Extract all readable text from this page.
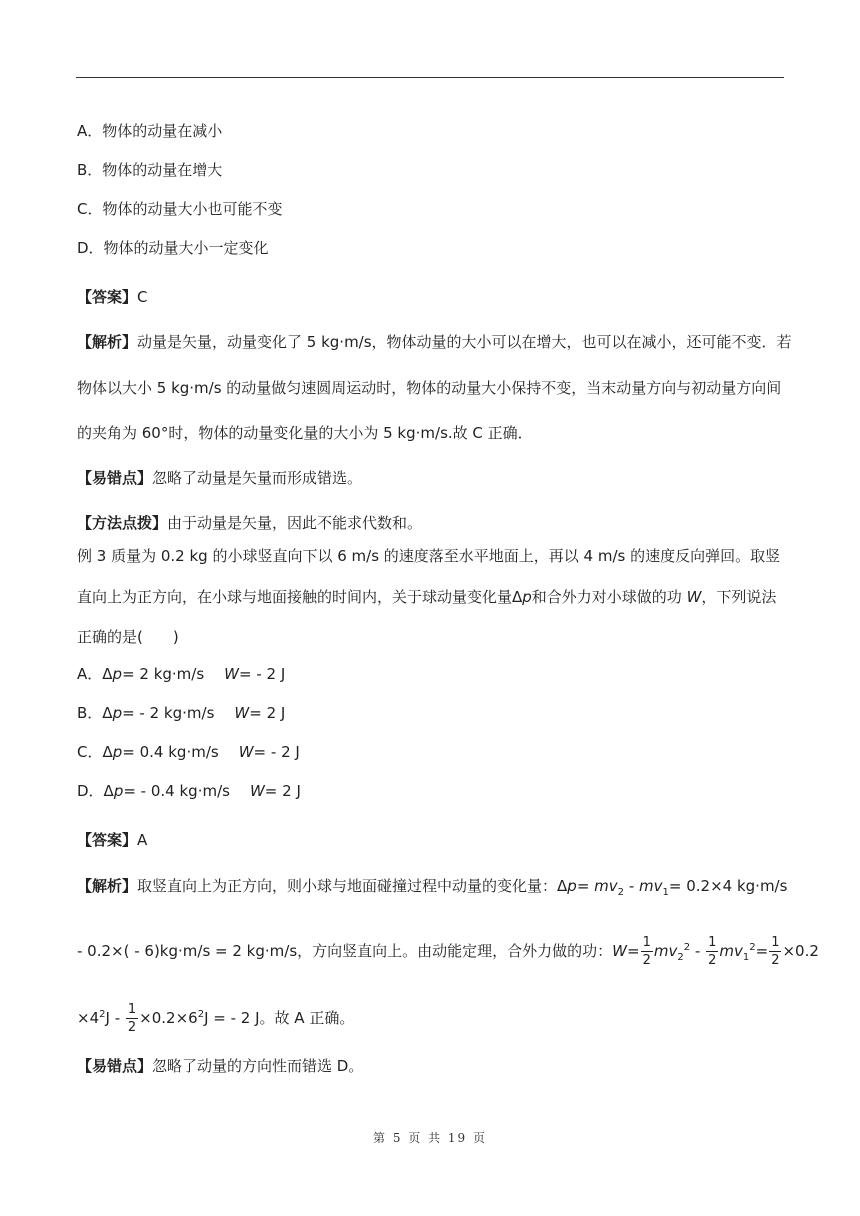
A．物体的动量在减小
B．物体的动量在增大
C．物体的动量大小也可能不变
D．物体的动量大小一定变化
【答案】C
【解析】动量是矢量，动量变化了 5 kg·m/s，物体动量的大小可以在增大，也可以在减小，还可能不变．若
物体以大小 5 kg·m/s 的动量做匀速圆周运动时，物体的动量大小保持不变，当末动量方向与初动量方向间
的夹角为 60°时，物体的动量变化量的大小为 5 kg·m/s.故 C 正确．
【易错点】忽略了动量是矢量而形成错选。
【方法点拨】由于动量是矢量，因此不能求代数和。
例 3 质量为 0.2 kg 的小球竖直向下以 6 m/s 的速度落至水平地面上，再以 4 m/s 的速度反向弹回。取竖
直向上为正方向，在小球与地面接触的时间内，关于球动量变化量Δp和合外力对小球做的功 W，下列说法
正确的是(　　)
A．Δp= 2 kg·m/s W= - 2 J
B．Δp= - 2 kg·m/s W= 2 J
C．Δp= 0.4 kg·m/s W= - 2 J
D．Δp= - 0.4 kg·m/s W= 2 J
【答案】A
【解析】取竖直向上为正方向，则小球与地面碰撞过程中动量的变化量：$\Delta p= mv_2 - mv_1= 0.2\times 4$ kg·m/s
- 0.2×( - 6)kg·m/s = 2 kg·m/s，方向竖直向上。由动能定理，合外力做的功：$W= \frac{1}{2} mv_2^2 - \frac{1}{2} mv_1^2= \frac{1}{2} \times 0.2$
$\times 4^2J - \frac{1}{2} \times 0.2\times 6^2J$ = - 2 J。故 A 正确。
【易错点】忽略了动量的方向性而错选 D。
第 5 页 共 19 页
